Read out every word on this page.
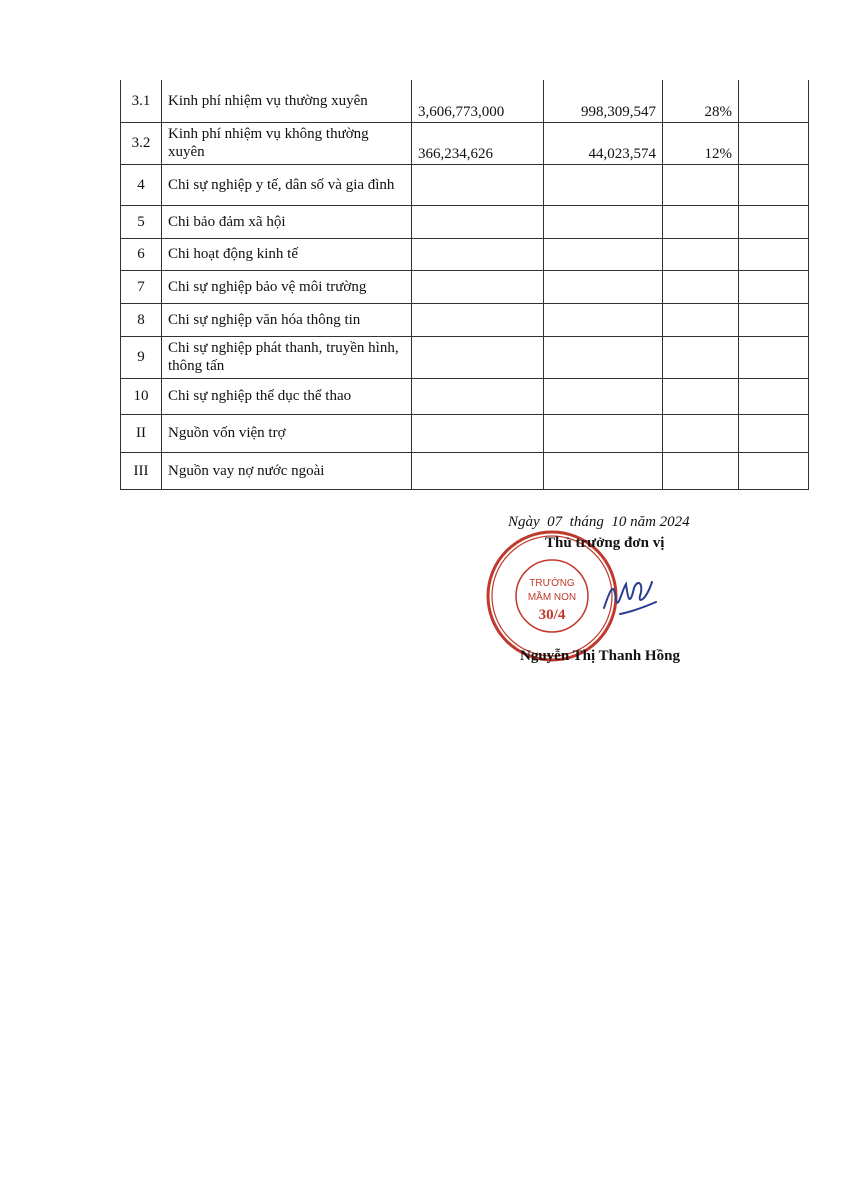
3.1	Kinh phí nhiệm vụ thường xuyên	3,606,773,000	998,309,547	28%	
3.2	Kinh phí nhiệm vụ không thường xuyên	366,234,626	44,023,574	12%	
4	Chi sự nghiệp y tế, dân số và gia đình				
5	Chi bảo đảm xã hội				
6	Chi hoạt động kinh tế				
7	Chi sự nghiệp bảo vệ môi trường				
8	Chi sự nghiệp văn hóa thông tin				
9	Chi sự nghiệp phát thanh, truyền hình, thông tấn				
10	Chi sự nghiệp thể dục thể thao				
II	Nguồn vốn viện trợ				
III	Nguồn vay nợ nước ngoài				
Ngày  07  tháng  10 năm 2024
TRƯỜNG
MẦM NON
30/4
Thủ trưởng đơn vị
Nguyễn Thị Thanh Hồng
